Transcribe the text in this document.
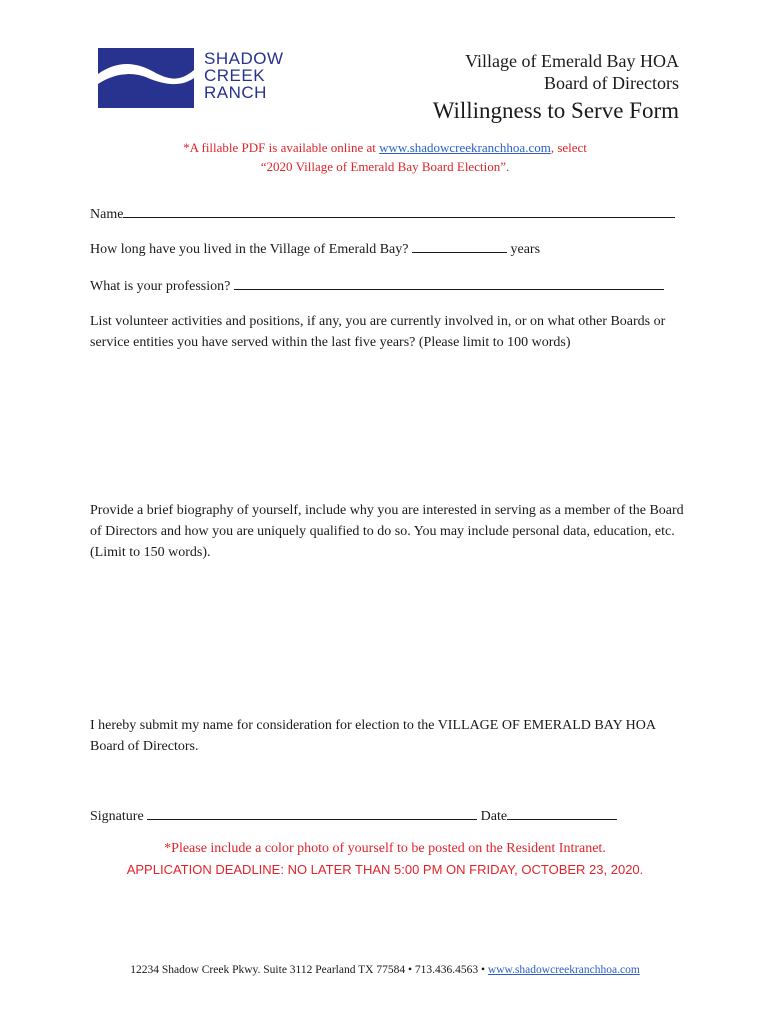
SHADOW
CREEK
RANCH
Village of Emerald Bay HOA
Board of Directors
Willingness to Serve Form
*A fillable PDF is available online at www.shadowcreekranchhoa.com, select
“2020 Village of Emerald Bay Board Election”.
Name
How long have you lived in the Village of Emerald Bay?	years
What is your profession?
List volunteer activities and positions, if any, you are currently involved in, or on what other Boards or service entities you have served within the last five years? (Please limit to 100 words)
Provide a brief biography of yourself, include why you are interested in serving as a member of the Board of Directors and how you are uniquely qualified to do so. You may include personal data, education, etc. (Limit to 150 words).
I hereby submit my name for consideration for election to the VILLAGE OF EMERALD BAY HOA Board of Directors.
Signature	Date
*Please include a color photo of yourself to be posted on the Resident Intranet.
APPLICATION DEADLINE: NO LATER THAN 5:00 PM ON FRIDAY, OCTOBER 23, 2020.
12234 Shadow Creek Pkwy. Suite 3112 Pearland TX 77584 • 713.436.4563 • www.shadowcreekranchhoa.com
